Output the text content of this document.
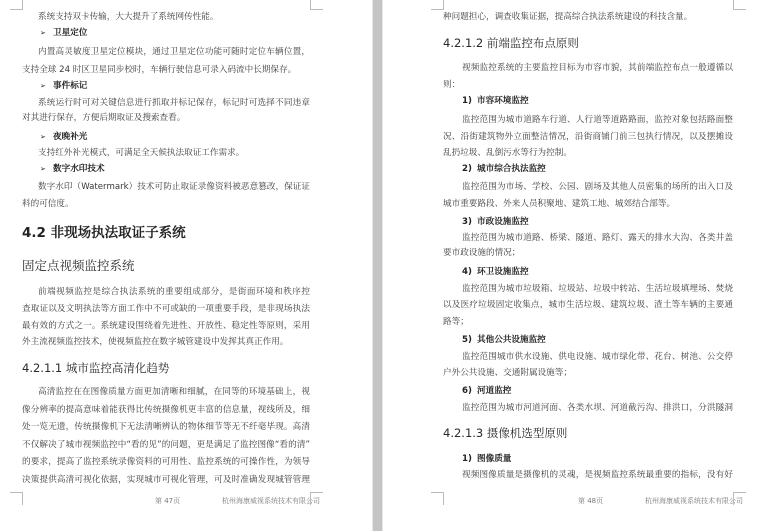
系统支持双卡传输，大大提升了系统网传性能。
➢ 卫星定位
内置高灵敏度卫星定位模块，通过卫星定位功能可随时定位车辆位置，
支持全球 24 时区卫星同步校时，车辆行驶信息可录入码流中长期保存。
➢ 事件标记
系统运行时可对关键信息进行抓取并标记保存，标记时可选择不同违章
对其进行保存，方便后期取证及搜索查看。
➢ 夜晚补光
支持红外补光模式，可满足全天候执法取证工作需求。
➢ 数字水印技术
数字水印（Watermark）技术可防止取证录像资料被恶意篡改，保证证
料的可信度。
4.2 非现场执法取证子系统
固定点视频监控系统
前端视频监控是综合执法系统的重要组成部分，是街面环境和秩序控
查取证以及文明执法等方面工作中不可或缺的一项重要手段，是非现场执法
最有效的方式之一。系统建设围绕着先进性、开放性、稳定性等原则，采用
外主流视频监控技术，使视频监控在数字城管建设中发挥其真正作用。
4.2.1.1 城市监控高清化趋势
高清监控在在图像质量方面更加清晰和细腻，在同等的环境基础上，视
像分辨率的提高意味着能获得比传统摄像机更丰富的信息量，视线所及，细
处一览无遗，传统摄像机下无法清晰辨认的物体细节等无不纤毫毕现。高清
不仅解决了城市视频监控中“看的见”的问题，更是满足了监控图像“看的清”
的要求，提高了监控系统录像资料的可用性、监控系统的可操作性，为领导
决策提供高清可视化依据，实现城市可视化管理，可及时准确发现城管管理
第 47页	杭州海康威视系统技术有限公司
种问题担心，调查收集证据，提高综合执法系统建设的科技含量。
4.2.1.2 前端监控布点原则
视频监控系统的主要监控目标为市容市貌，其前端监控布点一般遵循以
则：
1) 市容环境监控
监控范围为城市道路车行道、人行道等道路路面，监控对象包括路面整
况、沿街建筑物外立面整洁情况，沿街商铺门前三包执行情况，以及摆摊设
乱扔垃圾、乱倒污水等行为控制。
2) 城市综合执法监控
监控范围为市场、学校、公园、剧场及其他人员密集的场所的出入口及
城市重要路段、外来人员积聚地、建筑工地、城郊结合部等。
3) 市政设施监控
监控范围为城市道路、桥梁、隧道、路灯、露天的排水大沟、各类井盖
要市政设施的情况；
4) 环卫设施监控
监控范围为城市垃圾箱、垃圾站、垃圾中转站、生活垃圾填埋场、焚烧
以及医疗垃圾固定收集点，城市生活垃圾、建筑垃圾、渣土等车辆的主要通
路等；
5) 其他公共设施监控
监控范围城市供水设施、供电设施、城市绿化带、花台、树池、公交停
户外公共设施、交通附属设施等；
6) 河道监控
监控范围为城市河道河面、各类水坝、河道截污沟、排洪口，分洪隧洞
4.2.1.3 摄像机选型原则
1) 图像质量
视频图像质量是摄像机的灵魂，是视频监控系统最重要的指标，没有好
第 48页	杭州海康威视系统技术有限公司
